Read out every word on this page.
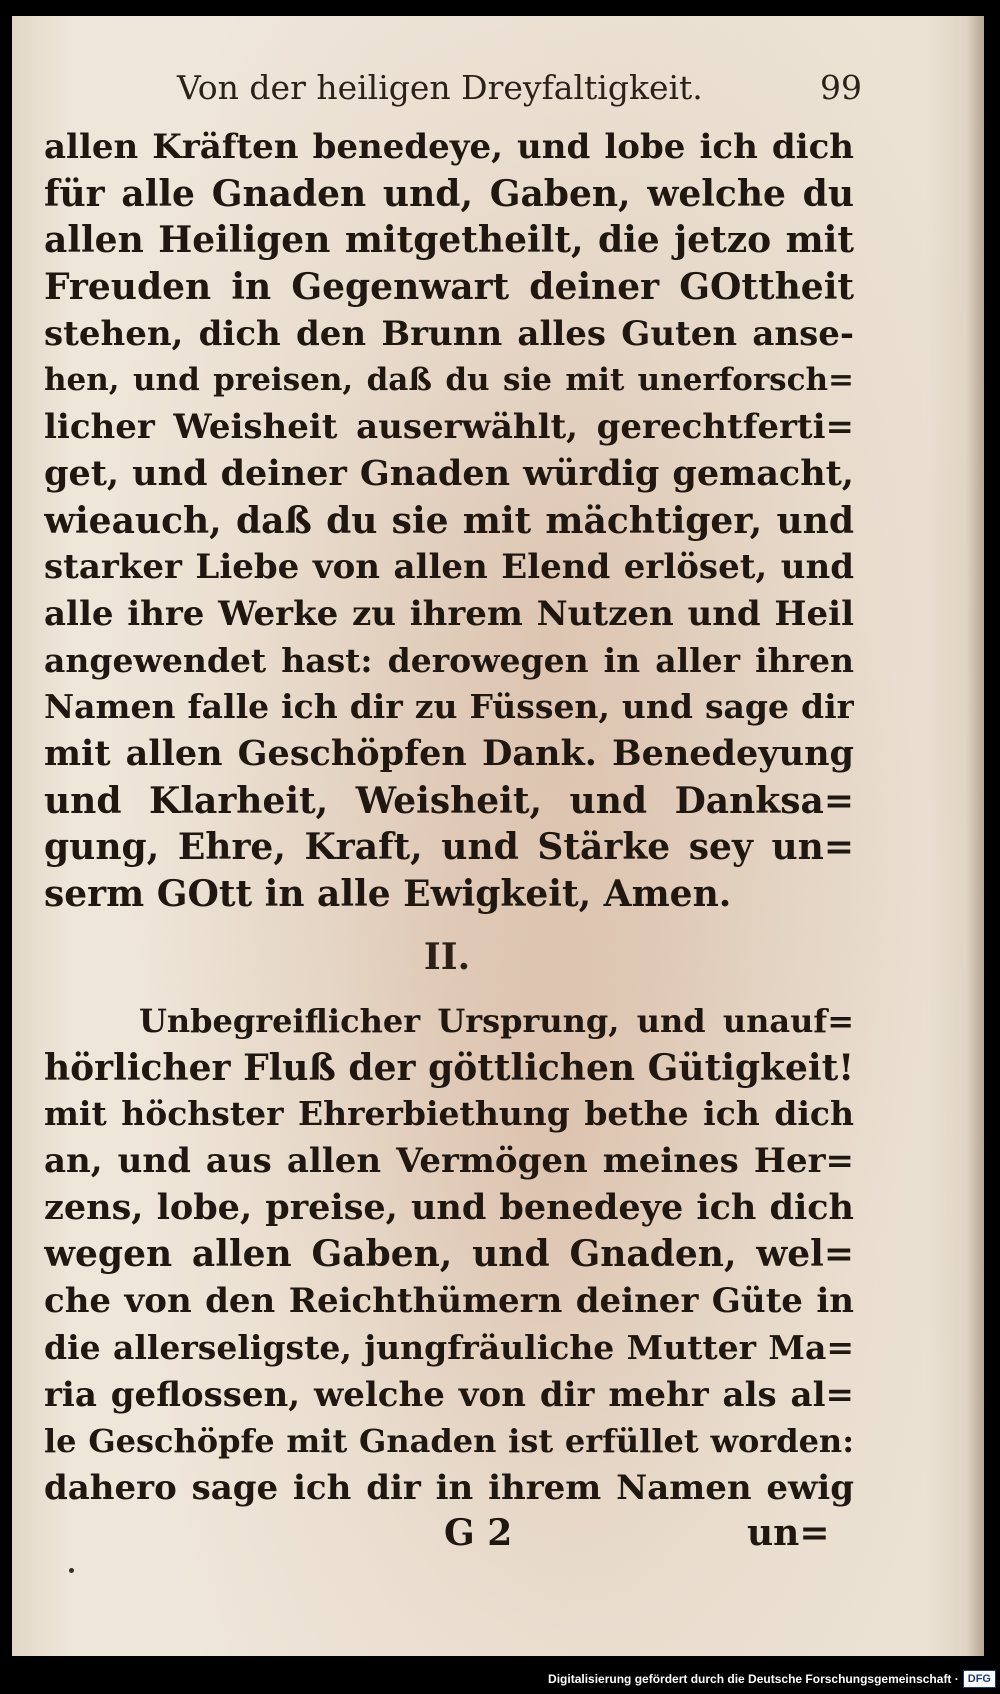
Von der heiligen Dreyfaltigkeit.	99
allen Kräften benedeye, und lobe ich dich
für alle Gnaden und, Gaben, welche du
allen Heiligen mitgetheilt, die jetzo mit
Freuden in Gegenwart deiner GOttheit
stehen, dich den Brunn alles Guten anse-
hen, und preisen, daß du sie mit unerforsch=
licher Weisheit auserwählt, gerechtferti=
get, und deiner Gnaden würdig gemacht,
wieauch, daß du sie mit mächtiger, und
starker Liebe von allen Elend erlöset, und
alle ihre Werke zu ihrem Nutzen und Heil
angewendet hast: derowegen in aller ihren
Namen falle ich dir zu Füssen, und sage dir
mit allen Geschöpfen Dank. Benedeyung
und Klarheit, Weisheit, und Danksa=
gung, Ehre, Kraft, und Stärke sey un=
serm GOtt in alle Ewigkeit, Amen.
II.
Unbegreiflicher Ursprung, und unauf=
hörlicher Fluß der göttlichen Gütigkeit!
mit höchster Ehrerbiethung bethe ich dich
an, und aus allen Vermögen meines Her=
zens, lobe, preise, und benedeye ich dich
wegen allen Gaben, und Gnaden, wel=
che von den Reichthümern deiner Güte in
die allerseligste, jungfräuliche Mutter Ma=
ria geflossen, welche von dir mehr als al=
le Geschöpfe mit Gnaden ist erfüllet worden:
dahero sage ich dir in ihrem Namen ewig
G 2	un=
Digitalisierung gefördert durch die Deutsche Forschungsgemeinschaft · DFG
